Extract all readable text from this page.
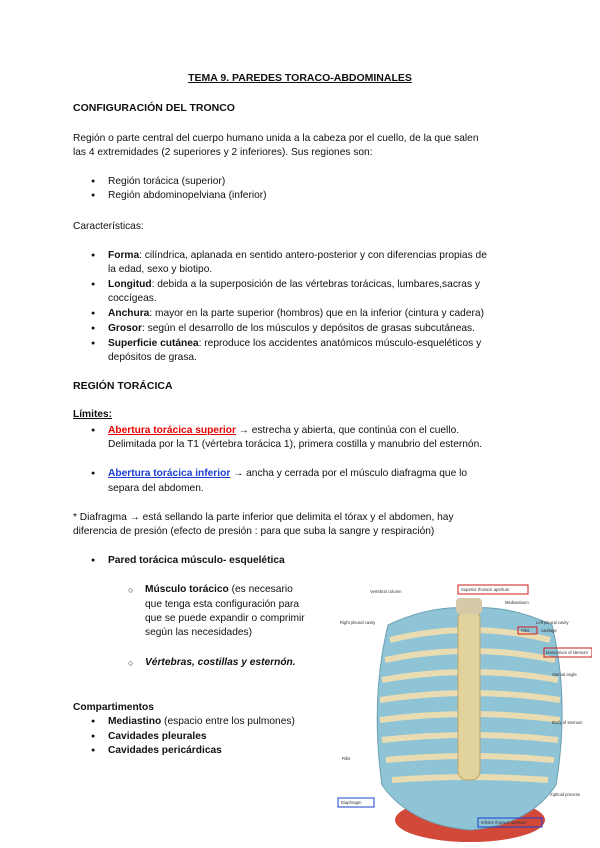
TEMA 9. PAREDES TORACO-ABDOMINALES
CONFIGURACIÓN DEL TRONCO
Región o parte central del cuerpo humano unida a la cabeza por el cuello, de la que salen
las 4 extremidades (2 superiores y 2 inferiores). Sus regiones son:
● Región torácica (superior)
● Región abdominopelviana (inferior)
Características:
● Forma: cilíndrica, aplanada en sentido antero-posterior y con diferencias propias de
la edad, sexo y biotipo.
● Longitud: debida a la superposición de las vértebras torácicas, lumbares,sacras y
coccígeas.
● Anchura: mayor en la parte superior (hombros) que en la inferior (cintura y cadera)
● Grosor: según el desarrollo de los músculos y depósitos de grasas subcutáneas.
● Superficie cutánea: reproduce los accidentes anatómicos músculo-esqueléticos y
depósitos de grasa.
REGIÓN TORÁCICA
Límites:
● Abertura torácica superior → estrecha y abierta, que continúa con el cuello.
Delimitada por la T1 (vértebra torácica 1), primera costilla y manubrio del esternón.
● Abertura torácica inferior → ancha y cerrada por el músculo diafragma que lo
separa del abdomen.
* Diafragma → está sellando la parte inferior que delimita el tórax y el abdomen, hay
diferencia de presión (efecto de presión : para que suba la sangre y respiración)
● Pared torácica músculo- esquelética
○ Músculo torácico (es necesario
que tenga esta configuración para
que se puede expandir o comprimir
según las necesidades)
○ Vértebras, costillas y esternón.
Compartimentos
● Mediastino (espacio entre los pulmones)
● Cavidades pleurales
● Cavidades pericárdicas
Superior thoracic aperture
Vertebral column
Mediastinum
Right pleural cavity	Left pleural cavity
Ribs	cartilage
Manubrium of sternum
Sternal angle
Body of sternum
Ribs
Xiphoid process
Diaphragm
Inferior thoracic aperture
